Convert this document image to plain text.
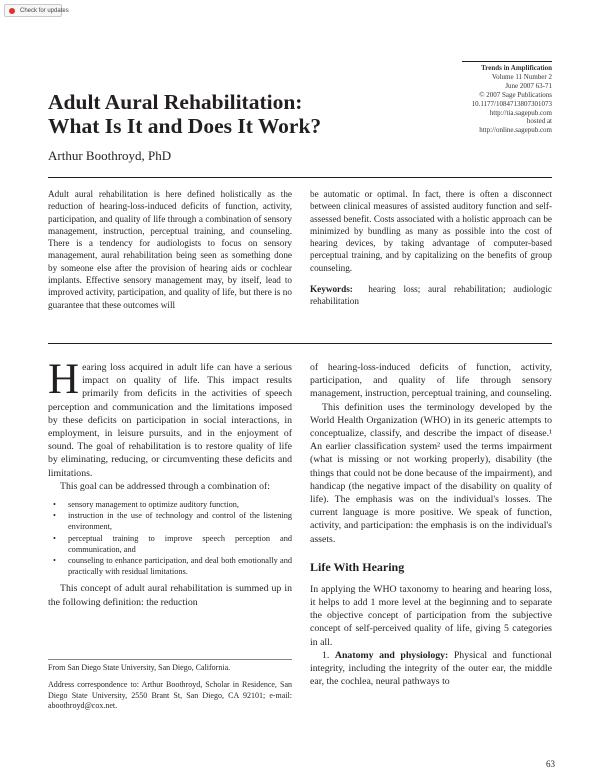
Check for updates
Trends in Amplification
Volume 11 Number 2
June 2007 63-71
© 2007 Sage Publications
10.1177/1084713807301073
http://tia.sagepub.com
hosted at
http://online.sagepub.com
Adult Aural Rehabilitation:
What Is It and Does It Work?
Arthur Boothroyd, PhD

Adult aural rehabilitation is here defined holistically as the reduction of hearing-loss-induced deficits of function, activity, participation, and quality of life through a combination of sensory management, instruction, perceptual training, and counseling. There is a tendency for audiologists to focus on sensory management, aural rehabilitation being seen as something done by someone else after the provision of hearing aids or cochlear implants. Effective sensory management may, by itself, lead to improved activity, participation, and quality of life, but there is no guarantee that these outcomes will

be automatic or optimal. In fact, there is often a disconnect between clinical measures of assisted auditory function and self-assessed benefit. Costs associated with a holistic approach can be minimized by bundling as many as possible into the cost of hearing devices, by taking advantage of computer-based perceptual training, and by capitalizing on the benefits of group counseling.

Keywords: hearing loss; aural rehabilitation; audiologic rehabilitation

Hearing loss acquired in adult life can have a serious impact on quality of life. This impact results primarily from deficits in the activities of speech perception and communication and the limitations imposed by these deficits on participation in social interactions, in employment, in leisure pursuits, and in the enjoyment of sound. The goal of rehabilitation is to restore quality of life by eliminating, reducing, or circumventing these deficits and limitations.

This goal can be addressed through a combination of:

• sensory management to optimize auditory function,
• instruction in the use of technology and control of the listening environment,
• perceptual training to improve speech perception and communication, and
• counseling to enhance participation, and deal both emotionally and practically with residual limitations.

This concept of adult aural rehabilitation is summed up in the following definition: the reduction

From San Diego State University, San Diego, California.

Address correspondence to: Arthur Boothroyd, Scholar in Residence, San Diego State University, 2550 Brant St, San Diego, CA 92101; e-mail: aboothroyd@cox.net.

of hearing-loss-induced deficits of function, activity, participation, and quality of life through sensory management, instruction, perceptual training, and counseling.

This definition uses the terminology developed by the World Health Organization (WHO) in its generic attempts to conceptualize, classify, and describe the impact of disease.¹ An earlier classification system² used the terms impairment (what is missing or not working properly), disability (the things that could not be done because of the impairment), and handicap (the negative impact of the disability on quality of life). The emphasis was on the individual's losses. The current language is more positive. We speak of function, activity, and participation: the emphasis is on the individual's assets.

Life With Hearing

In applying the WHO taxonomy to hearing and hearing loss, it helps to add 1 more level at the beginning and to separate the objective concept of participation from the subjective concept of self-perceived quality of life, giving 5 categories in all.

1. Anatomy and physiology: Physical and functional integrity, including the integrity of the outer ear, the middle ear, the cochlea, neural pathways to

63
